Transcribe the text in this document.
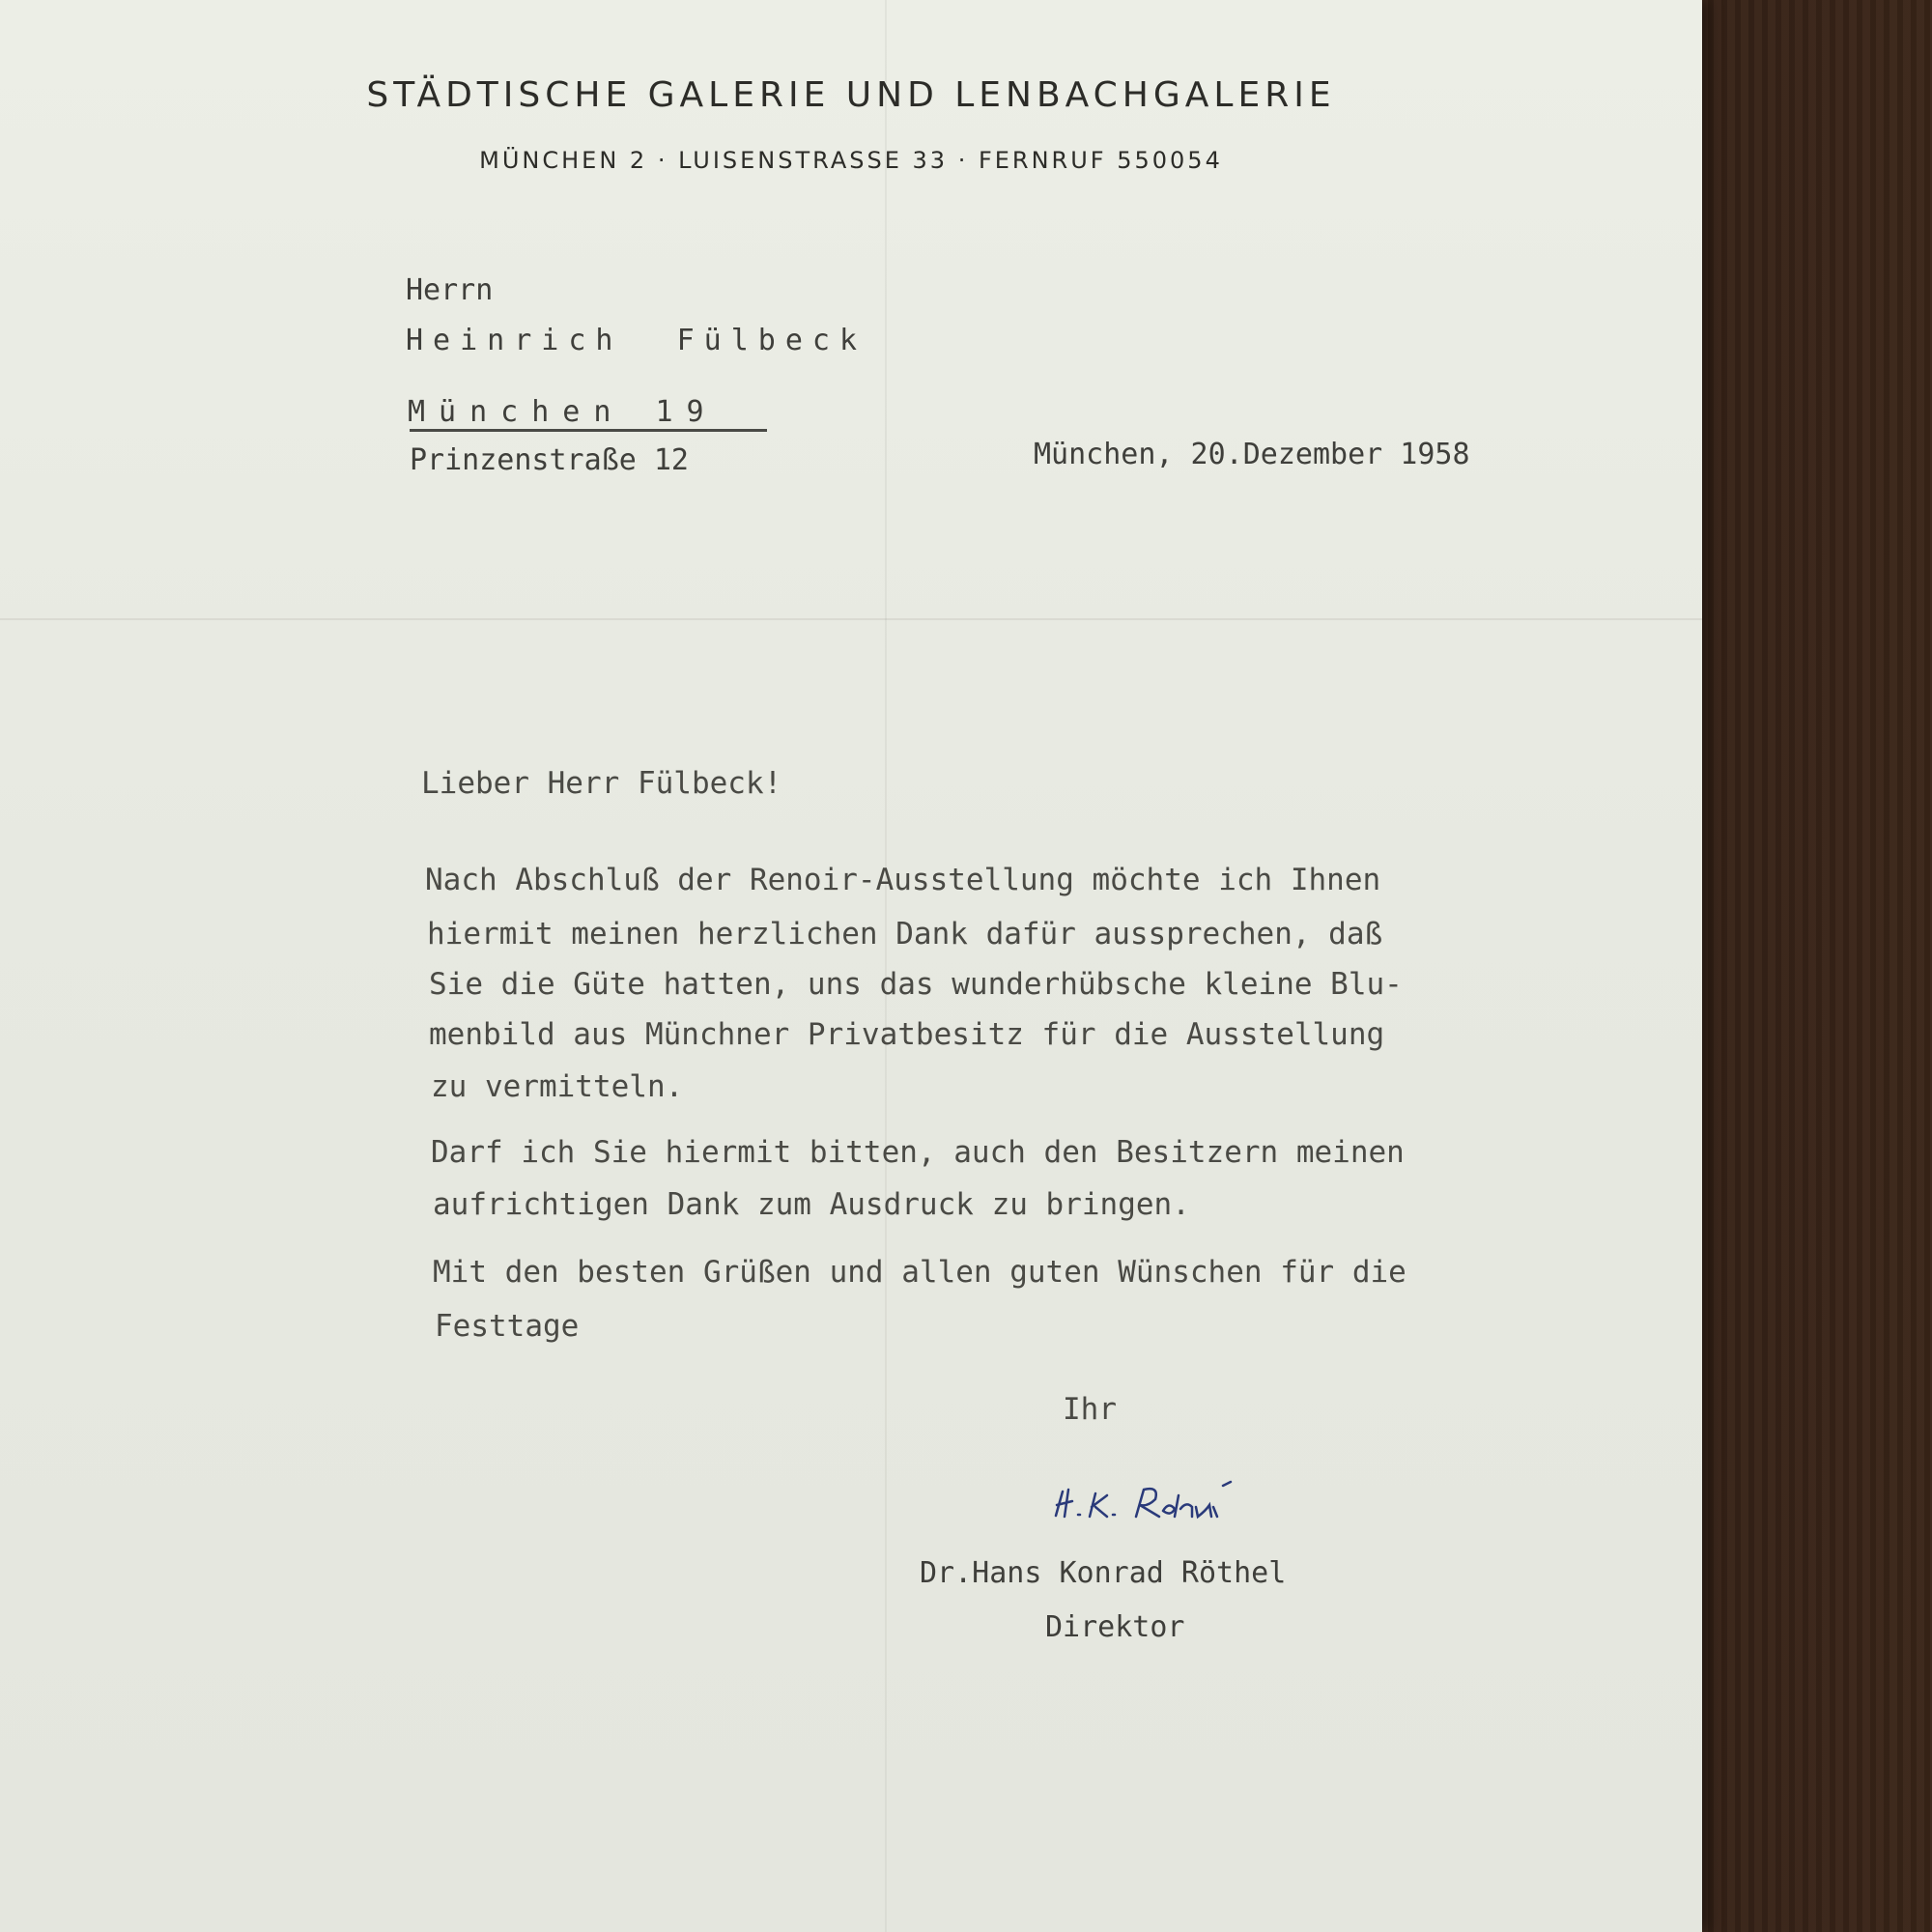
STÄDTISCHE GALERIE UND LENBACHGALERIE
MÜNCHEN 2 · LUISENSTRASSE 33 · FERNRUF 550054
Herrn
Heinrich  Fülbeck
München 19
Prinzenstraße 12	München, 20.Dezember 1958
Lieber Herr Fülbeck!
Nach Abschluß der Renoir-Ausstellung möchte ich Ihnen
hiermit meinen herzlichen Dank dafür aussprechen, daß
Sie die Güte hatten, uns das wunderhübsche kleine Blu-
menbild aus Münchner Privatbesitz für die Ausstellung
zu vermitteln.
Darf ich Sie hiermit bitten, auch den Besitzern meinen
aufrichtigen Dank zum Ausdruck zu bringen.
Mit den besten Grüßen und allen guten Wünschen für die
Festtage
Ihr
Dr.Hans Konrad Röthel
Direktor
